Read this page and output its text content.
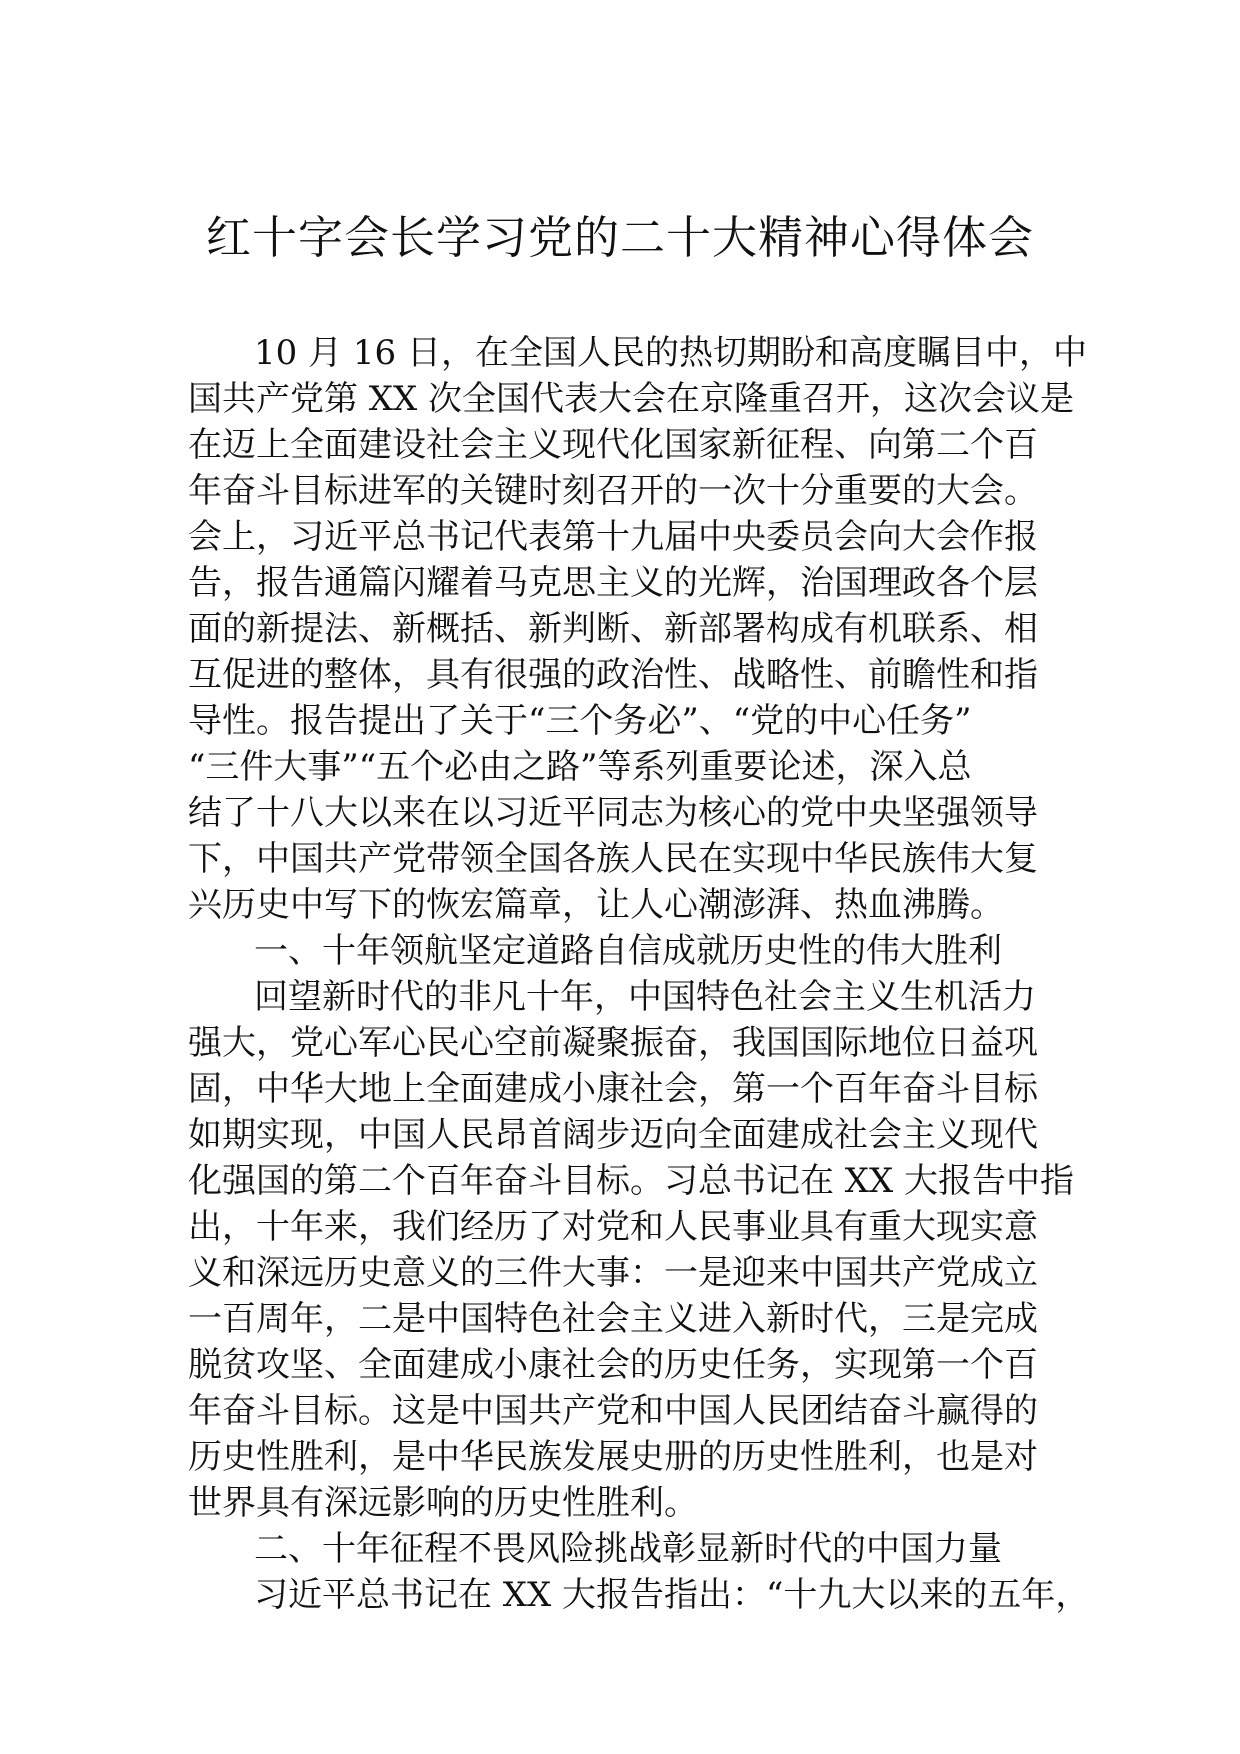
红十字会长学习党的二十大精神心得体会
10 月 16 日，在全国人民的热切期盼和高度瞩目中，中
国共产党第 XX 次全国代表大会在京隆重召开，这次会议是
在迈上全面建设社会主义现代化国家新征程、向第二个百
年奋斗目标进军的关键时刻召开的一次十分重要的大会。
会上，习近平总书记代表第十九届中央委员会向大会作报
告，报告通篇闪耀着马克思主义的光辉，治国理政各个层
面的新提法、新概括、新判断、新部署构成有机联系、相
互促进的整体，具有很强的政治性、战略性、前瞻性和指
导性。报告提出了关于“三个务必”、“党的中心任务”
“三件大事”“五个必由之路”等系列重要论述，深入总
结了十八大以来在以习近平同志为核心的党中央坚强领导
下，中国共产党带领全国各族人民在实现中华民族伟大复
兴历史中写下的恢宏篇章，让人心潮澎湃、热血沸腾。
一、十年领航坚定道路自信成就历史性的伟大胜利
回望新时代的非凡十年，中国特色社会主义生机活力
强大，党心军心民心空前凝聚振奋，我国国际地位日益巩
固，中华大地上全面建成小康社会，第一个百年奋斗目标
如期实现，中国人民昂首阔步迈向全面建成社会主义现代
化强国的第二个百年奋斗目标。习总书记在 XX 大报告中指
出，十年来，我们经历了对党和人民事业具有重大现实意
义和深远历史意义的三件大事：一是迎来中国共产党成立
一百周年，二是中国特色社会主义进入新时代，三是完成
脱贫攻坚、全面建成小康社会的历史任务，实现第一个百
年奋斗目标。这是中国共产党和中国人民团结奋斗赢得的
历史性胜利，是中华民族发展史册的历史性胜利，也是对
世界具有深远影响的历史性胜利。
二、十年征程不畏风险挑战彰显新时代的中国力量
习近平总书记在 XX 大报告指出：“十九大以来的五年，
